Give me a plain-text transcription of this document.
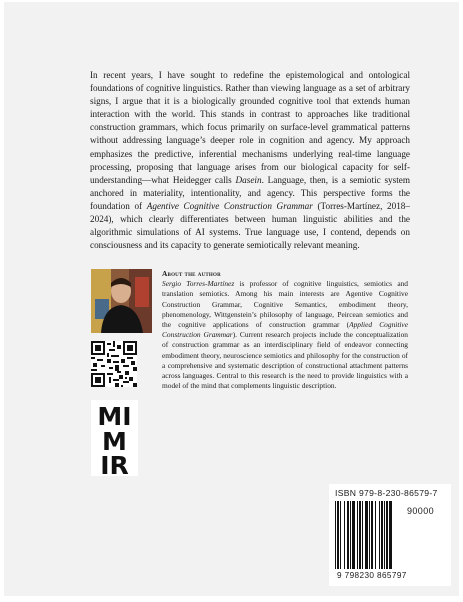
In recent years, I have sought to redefine the epistemological and ontological foundations of cognitive linguistics. Rather than viewing language as a set of arbitrary signs, I argue that it is a biologically grounded cognitive tool that extends human interaction with the world. This stands in contrast to approaches like traditional construction grammars, which focus primarily on surface-level grammatical patterns without addressing language’s deeper role in cognition and agency. My approach emphasizes the predictive, inferential mechanisms underlying real-time language processing, proposing that language arises from our biological capacity for self-understanding—what Heidegger calls Dasein. Language, then, is a semiotic system anchored in materiality, intentionality, and agency. This perspective forms the foundation of Agentive Cognitive Construction Grammar (Torres-Martínez, 2018–2024), which clearly differentiates between human linguistic abilities and the algorithmic simulations of AI systems. True language use, I contend, depends on consciousness and its capacity to generate semiotically relevant meaning.

MI
M
IR

About the author
Sergio Torres-Martínez is professor of cognitive linguistics, semiotics and translation semiotics. Among his main interests are Agentive Cognitive Construction Grammar, Cognitive Semantics, embodiment theory, phenomenology, Wittgenstein’s philosophy of language, Peircean semiotics and the cognitive applications of construction grammar (Applied Cognitive Construction Grammar). Current research projects include the conceptualization of construction grammar as an interdisciplinary field of endeavor connecting embodiment theory, neuroscience semiotics and philosophy for the construction of a comprehensive and systematic description of constructional attachment patterns across languages. Central to this research is the need to provide linguistics with a model of the mind that complements linguistic description.

ISBN 979-8-230-86579-7
90000
9 798230 865797
